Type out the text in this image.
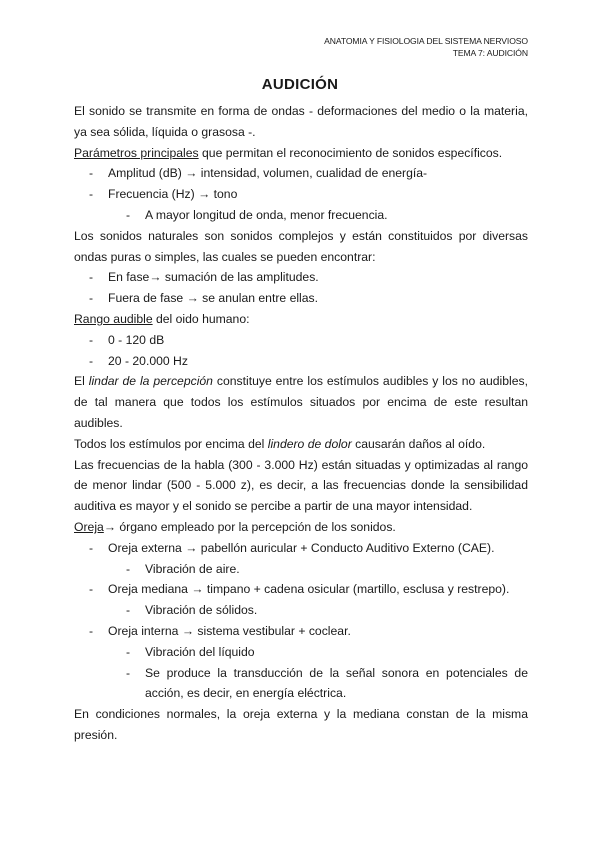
ANATOMIA Y FISIOLOGIA DEL SISTEMA NERVIOSO
TEMA 7: AUDICIÓN
AUDICIÓN

El sonido se transmite en forma de ondas - deformaciones del medio o la materia, ya sea sólida, líquida o grasosa -.

Parámetros principales que permitan el reconocimiento de sonidos específicos.

- Amplitud (dB) → intensidad, volumen, cualidad de energía-
- Frecuencia (Hz) → tono
- A mayor longitud de onda, menor frecuencia.

Los sonidos naturales son sonidos complejos y están constituidos por diversas ondas puras o simples, las cuales se pueden encontrar:

- En fase→ sumación de las amplitudes.
- Fuera de fase → se anulan entre ellas.

Rango audible del oido humano:

- 0 - 120 dB
- 20 - 20.000 Hz

El lindar de la percepción constituye entre los estímulos audibles y los no audibles, de tal manera que todos los estímulos situados por encima de este resultan audibles.

Todos los estímulos por encima del lindero de dolor causarán daños al oído.

Las frecuencias de la habla (300 - 3.000 Hz) están situadas y optimizadas al rango de menor lindar (500 - 5.000 z), es decir, a las frecuencias donde la sensibilidad auditiva es mayor y el sonido se percibe a partir de una mayor intensidad.

Oreja→ órgano empleado por la percepción de los sonidos.

- Oreja externa → pabellón auricular + Conducto Auditivo Externo (CAE).
- Vibración de aire.
- Oreja mediana → timpano + cadena osicular (martillo, esclusa y restrepo).
- Vibración de sólidos.
- Oreja interna → sistema vestibular + coclear.
- Vibración del líquido
- Se produce la transducción de la señal sonora en potenciales de acción, es decir, en energía eléctrica.

En condiciones normales, la oreja externa y la mediana constan de la misma presión.
